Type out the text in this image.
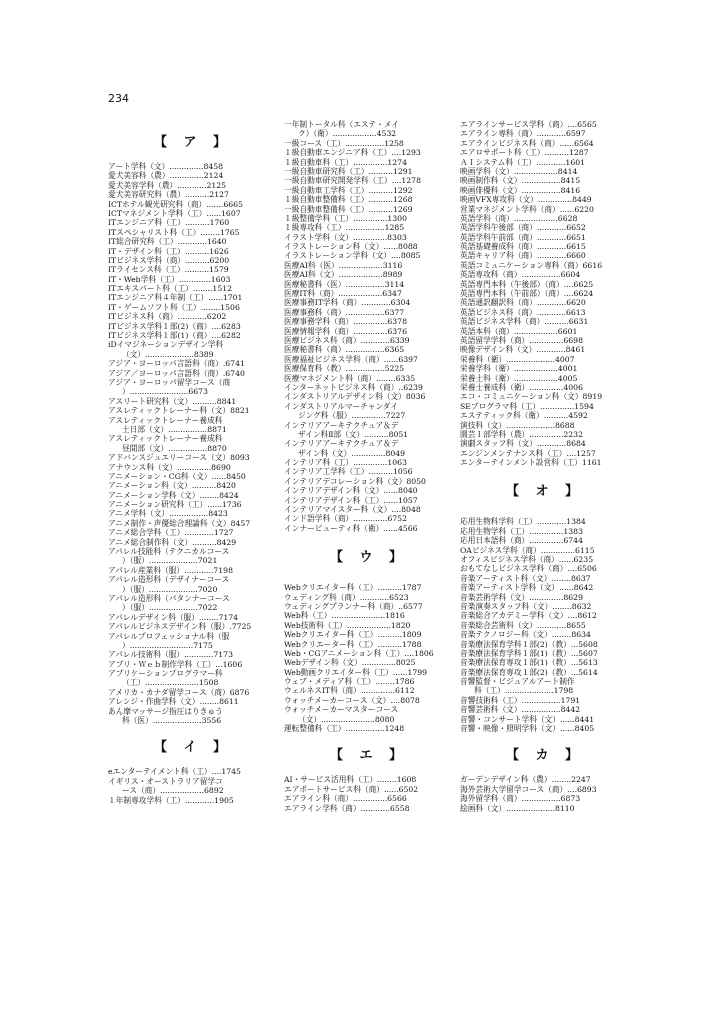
234
【 ア 】
アート学科（文）..............8458
愛犬美容科（農）..............2124
愛犬美容学科（農）............2125
愛犬美容研究科（農）..........2127
ICTホテル観光研究科（商）.......6665
ICTマネジメント学科（工）......1607
ITエンジニア科（工）..........1760
ITスペシャリスト科（工）........1765
IT総合研究科（工）............1640
IT・デザイン科（工）..........1626
ITビジネス学科（商）..........6200
ITライセンス科（工）..........1579
IT・Web学科（工）.............1603
ITエキスパート科（工）........1512
ITエンジニア科４年制（工）......1701
IT・ゲームソフト科（工）........1506
ITビジネス科（商）............6202
ITビジネス学科１部(2)（商）....6283
ITビジネス学科１部(1)（商）....6282
iDイマジネーションデザイン学科
（文）....................8389
アジア・ヨーロッパ言語科（商）.6741
アジア／ヨーロッパ言語科（商）.6740
アジア・ヨーロッパ留学コース（商
）........................6673
アスリート研究科（文）..........8841
アスレティックトレーナー科（文）8821
アスレティックトレーナー養成科
土日部（文）................8871
アスレティックトレーナー養成科
昼間部（文）................8870
アドバンスジュエリーコース（文）8093
アナウンス科（文）..............8690
アニメーション・CG科（文）......8450
アニメーション科（文）..........8420
アニメーション学科（文）........8424
アニメーション研究科（工）......1736
アニメ学科（文）................8423
アニメ制作・声優総合理論科（文）8457
アニメ総合学科（工）............1727
アニメ総合制作科（文）..........8429
アパレル技能科（テクニカルコース
）（服）....................7021
アパレル産業科（服）............7198
アパレル造形科（デザイナーコース
）（服）....................7020
アパレル造形科（パタンナーコース
）（服）....................7022
アパレルデザイン科（服）........7174
アパレルビジネスデザイン科（服）.7725
アパレルプロフェッショナル科（服
）..........................7175
アパレル技術科（服）............7173
アプリ・Ｗｅｂ制作学科（工）...1606
アプリケーションプログラマー科
（工）......................1508
アメリカ・カナダ留学コース（商）6876
アレンジ・作曲学科（文）........8611
あん摩マッサージ指圧はりきゅう
科（医）....................3556
【 イ 】
eエンターテイメント科（工）....1745
イギリス・オーストラリア留学コ
ース（商）..................6892
１年制専攻学科（工）............1905
一年制トータル科（エステ・メイ
ク）（衛）..................4532
一級コース（工）................1258
１級自動車エンジニア科（工）....1293
１級自動車科（工）..............1274
一級自動車研究科（工）..........1291
一級自動車研究開発学科（工）....1278
一級自動車工学科（工）..........1292
１級自動車整備科（工）..........1268
一級自動車整備科（工）..........1269
１級整備学科（工）..............1300
１級専攻科（工）................1285
イラスト学科（文）..............8303
イラストレーション科（文）......8088
イラストレーション学科（文）....8085
医療AI科（医）..................3116
医療AI科（文）..................8989
医療秘書科（医）................3114
医療IT科（商）..................6347
医療事務IT学科（商）............6304
医療事務科（商）................6377
医療事務学科（商）..............6378
医療情報学科（商）..............6376
医療ビジネス科（商）............6339
医療秘書科（商）................6365
医療福祉ビジネス学科（商）......6397
医療保育科（教）................5225
医療マネジメント科（商）........6335
インターネットビジネス科（商）..6239
インダストリアルデザイン科（文）8036
インダストリアルマーチャンダイ
ジング科（服）..............7227
インテリアアーキテクチュア＆デ
ザイン科Ⅱ部（文）..........8051
インテリアアーキテクチュア＆デ
ザイン科（文）..............8049
インテリア科（工）..............1063
インテリア工学科（工）..........1056
インテリアデコレーション科（文）8050
インテリアデザイン科（文）......8040
インテリアデザイン科（工）......1057
インテリアマイスター科（文）....8048
インド語学科（商）..............6752
インナービューティ科（衛）......4566
【 ウ 】
Webクリエイター科（工）..........1787
ウェディング科（商）............6523
ウェディングプランナー科（商）..6577
Web科（工）......................1816
Web技術科（工）..................1820
Webクリエイター科（工）..........1809
Webクリエーター科（工）..........1788
Web・CGアニメーション科（工）....1806
Webデザイン科（文）..............8025
Web動画クリエイター科（工）......1799
ウェブ・メディア科（工）........1786
ウェルネスIT科（商）..............6112
ウォッチメーカーコース（文）....8078
ウォッチメーカーマスターコース
（文）......................8080
運転整備科（工）................1248
【 エ 】
AI・サービス活用科（工）........1608
エアポートサービス科（商）......6502
エアライン科（商）..............6566
エアライン学科（商）............6558
エアラインサービス学科（商）....6565
エアライン専科（商）............6597
エアラインビジネス科（商）......6564
エアロサポート科（工）..........1287
ＡＩシステム科（工）............1601
映画学科（文）..................8414
映画制作科（文）................8415
映画俳優科（文）................8416
映画VFX専攻科（文）..............8449
営業マネジメント学科（商）......6220
英語学科（商）..................6628
英語学科午後部（商）............6652
英語学科午前部（商）............6651
英語基礎養成科（商）............6615
英語キャリア科（商）............6660
英語コミュニケーション専科（商）6616
英語専攻科（商）................6604
英語専門本科（午後部）（商）....6625
英語専門本科（午前部）（商）....6624
英語通訳翻訳科（商）............6620
英語ビジネス科（商）............6613
英語ビジネス学科（商）..........6631
英語本科（商）..................6601
英語留学学科（商）..............6698
映像デザイン科（文）............8461
栄養科（衛）....................4007
栄養学科（衛）..................4001
栄養士科（衛）..................4005
栄養士養成科（衛）..............4006
エコ・コミュニケーション科（文）8919
SEプログラマ科（工）..............1594
エステティック科（衛）..........4592
演技科（文）....................8688
園芸Ｉ部学科（農）..............2232
演劇スタッフ科（文）............8684
エンジンメンテナンス科（工）....1257
エンターテインメント設営科（工）1161
【 オ 】
応用生物科学科（工）............1384
応用生物学科（工）..............1383
応用日本語科（商）..............6744
OAビジネス学科（商）..............6115
オフィスビジネス学科（商）......6235
おもてなしビジネス学科（商）....6506
音楽アーティスト科（文）........8637
音楽アーティスト学科（文）......8642
音楽芸術学科（文）..............8629
音楽演奏スタッフ科（文）........8632
音楽総合アカデミー学科（文）....8612
音楽総合芸術科（文）............8655
音楽テクノロジー科（文）........8634
音楽療法保育学科１部(2)（教）...5608
音楽療法保育学科１部(1)（教）...5607
音楽療法保育専攻１部(1)（教）...5613
音楽療法保育専攻１部(2)（教）...5614
音響監督・ビジュアルアート制作
科（工）....................1798
音響技術科（工）................1791
音響芸術科（文）................8442
音響・コンサート学科（文）......8441
音響・映像・照明学科（文）......8405
【 カ 】
ガーデンデザイン科（農）........2247
海外芸術大学留学コース（商）....6893
海外留学科（商）................6873
絵画科（文）....................8110
